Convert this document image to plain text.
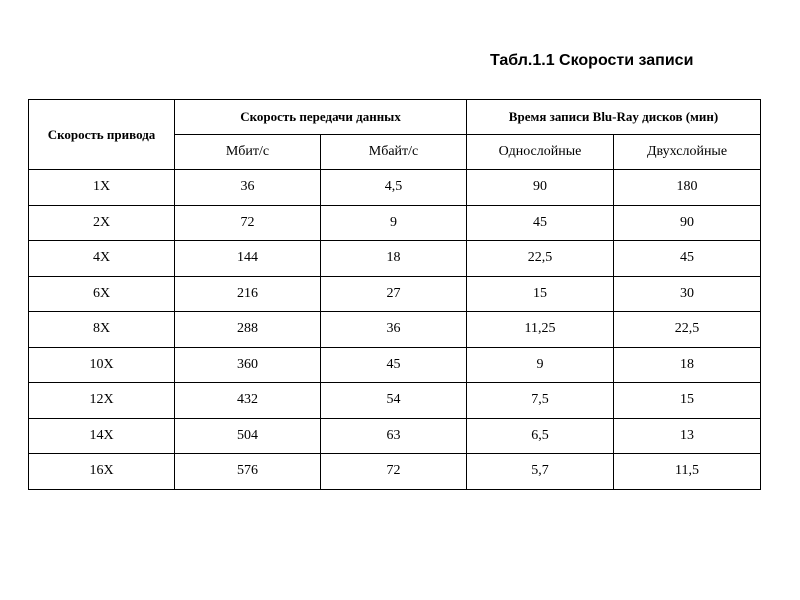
Табл.1.1 Скорости записи
Скорость привода	Скорость передачи данных		Время записи Blu-Ray дисков (мин)	
	Мбит/с	Мбайт/с	Однослойные	Двухслойные
1X	36	4,5	90	180
2X	72	9	45	90
4X	144	18	22,5	45
6X	216	27	15	30
8X	288	36	11,25	22,5
10X	360	45	9	18
12X	432	54	7,5	15
14X	504	63	6,5	13
16X	576	72	5,7	11,5
